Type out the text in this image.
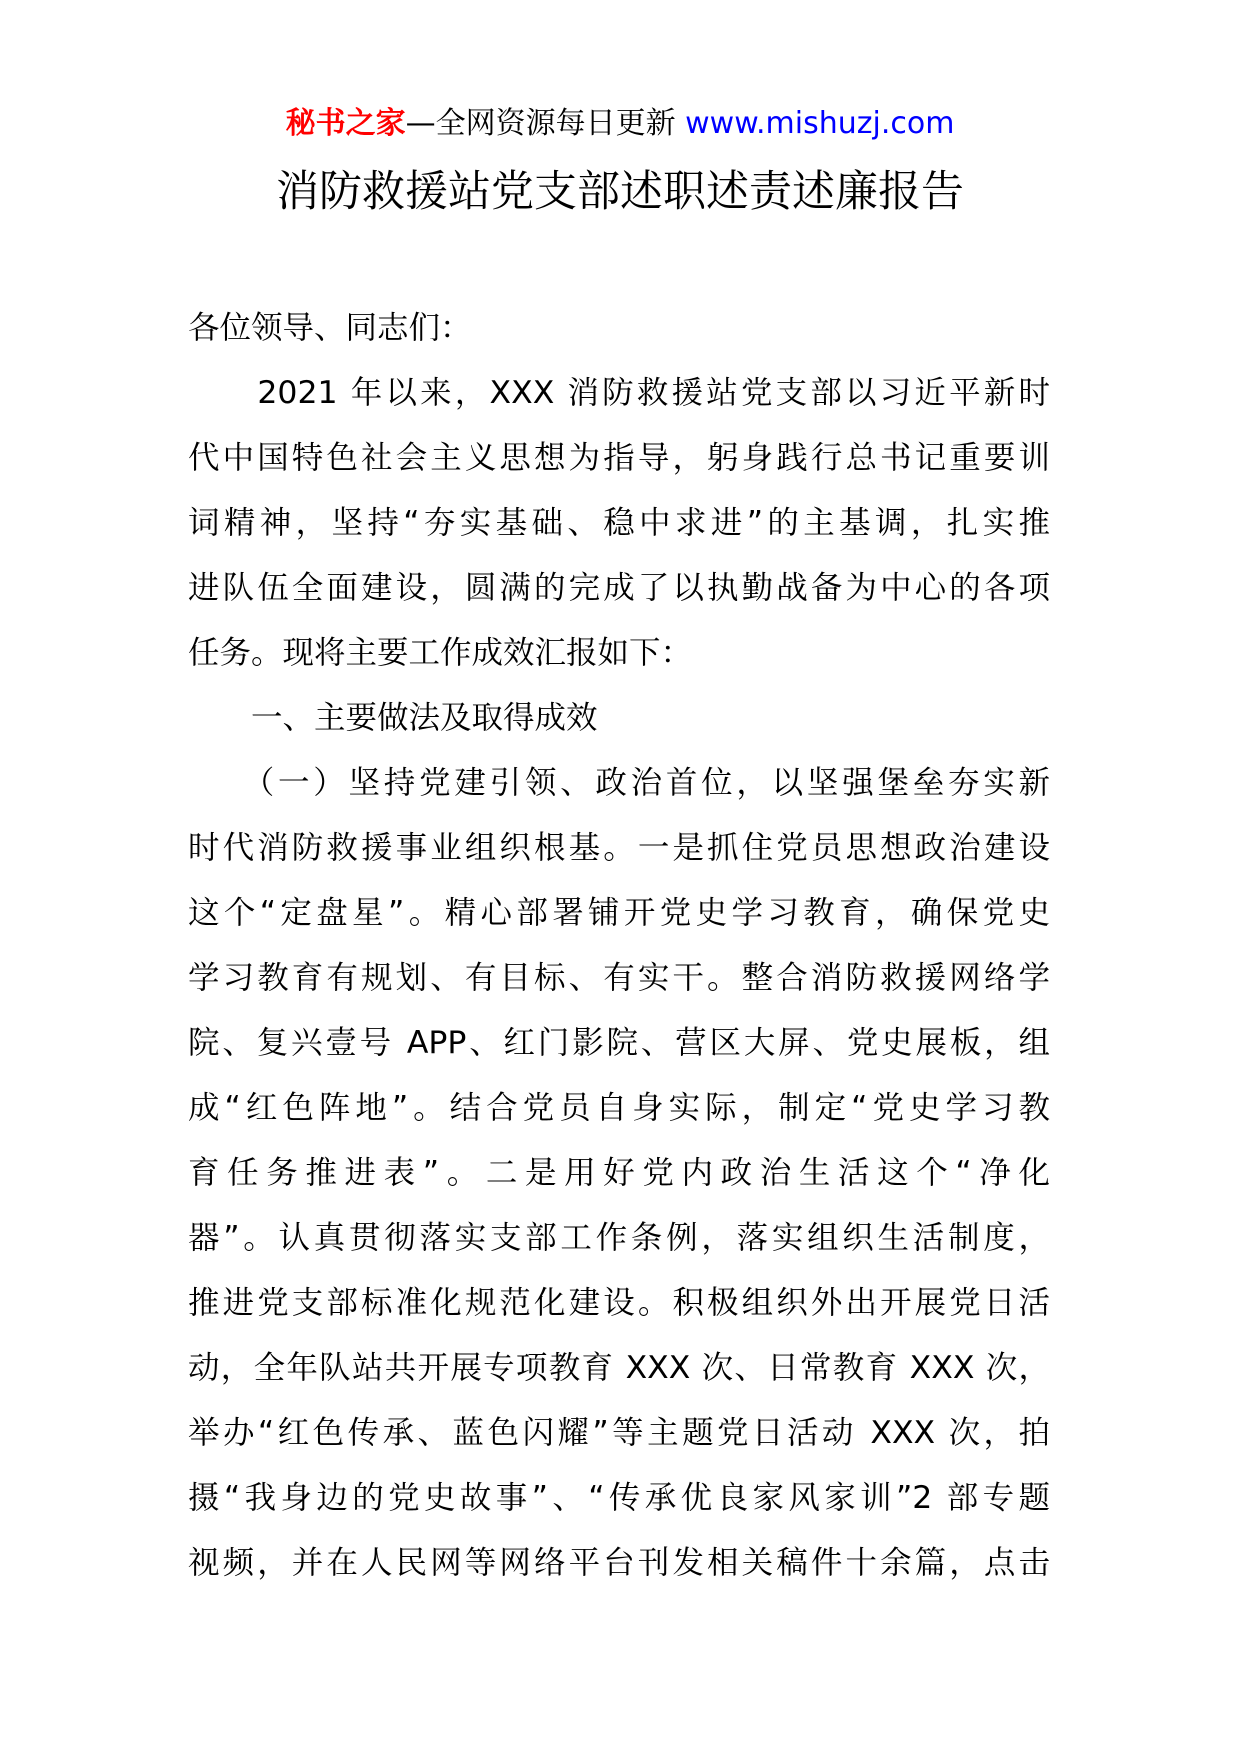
秘书之家—全网资源每日更新 www.mishuzj.com
消防救援站党支部述职述责述廉报告
各位领导、同志们：
　　2021 年以来，XXX 消防救援站党支部以习近平新时
代中国特色社会主义思想为指导，躬身践行总书记重要训
词精神，坚持“夯实基础、稳中求进”的主基调，扎实推
进队伍全面建设，圆满的完成了以执勤战备为中心的各项
任务。现将主要工作成效汇报如下：
　　一、主要做法及取得成效
　　（一）坚持党建引领、政治首位，以坚强堡垒夯实新
时代消防救援事业组织根基。一是抓住党员思想政治建设
这个“定盘星”。精心部署铺开党史学习教育，确保党史
学习教育有规划、有目标、有实干。整合消防救援网络学
院、复兴壹号 APP、红门影院、营区大屏、党史展板，组
成“红色阵地”。结合党员自身实际，制定“党史学习教
育任务推进表”。二是用好党内政治生活这个“净化
器”。认真贯彻落实支部工作条例，落实组织生活制度，
推进党支部标准化规范化建设。积极组织外出开展党日活
动，全年队站共开展专项教育 XXX 次、日常教育 XXX 次，
举办“红色传承、蓝色闪耀”等主题党日活动 XXX 次，拍
摄“我身边的党史故事”、“传承优良家风家训”2 部专题
视频，并在人民网等网络平台刊发相关稿件十余篇，点击
